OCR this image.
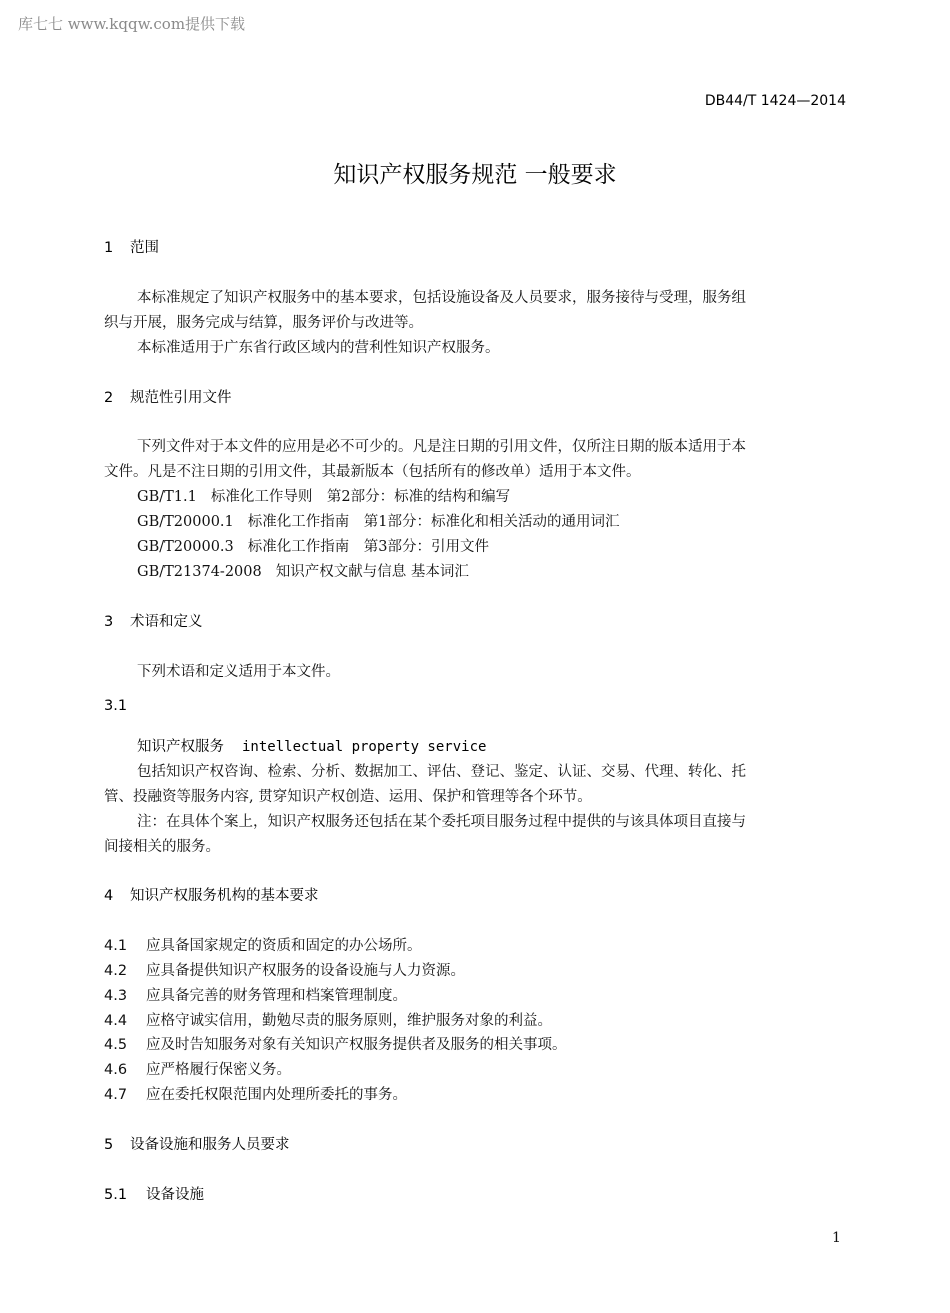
库七七 www.kqqw.com提供下载
DB44/T 1424—2014
知识产权服务规范 一般要求
1 范围
本标准规定了知识产权服务中的基本要求，包括设施设备及人员要求，服务接待与受理，服务组
织与开展，服务完成与结算，服务评价与改进等。
本标准适用于广东省行政区域内的营利性知识产权服务。
2 规范性引用文件
下列文件对于本文件的应用是必不可少的。凡是注日期的引用文件，仅所注日期的版本适用于本
文件。凡是不注日期的引用文件，其最新版本（包括所有的修改单）适用于本文件。
GB/T1.1 标准化工作导则　第2部分：标准的结构和编写
GB/T20000.1 标准化工作指南　第1部分：标准化和相关活动的通用词汇
GB/T20000.3 标准化工作指南　第3部分：引用文件
GB/T21374-2008 知识产权文献与信息 基本词汇
3 术语和定义
下列术语和定义适用于本文件。
3.1
知识产权服务 intellectual property service
包括知识产权咨询、检索、分析、数据加工、评估、登记、鉴定、认证、交易、代理、转化、托
管、投融资等服务内容, 贯穿知识产权创造、运用、保护和管理等各个环节。
注：在具体个案上，知识产权服务还包括在某个委托项目服务过程中提供的与该具体项目直接与
间接相关的服务。
4 知识产权服务机构的基本要求
4.1 应具备国家规定的资质和固定的办公场所。
4.2 应具备提供知识产权服务的设备设施与人力资源。
4.3 应具备完善的财务管理和档案管理制度。
4.4 应格守诚实信用，勤勉尽责的服务原则，维护服务对象的利益。
4.5 应及时告知服务对象有关知识产权服务提供者及服务的相关事项。
4.6 应严格履行保密义务。
4.7 应在委托权限范围内处理所委托的事务。
5 设备设施和服务人员要求
5.1 设备设施
1
